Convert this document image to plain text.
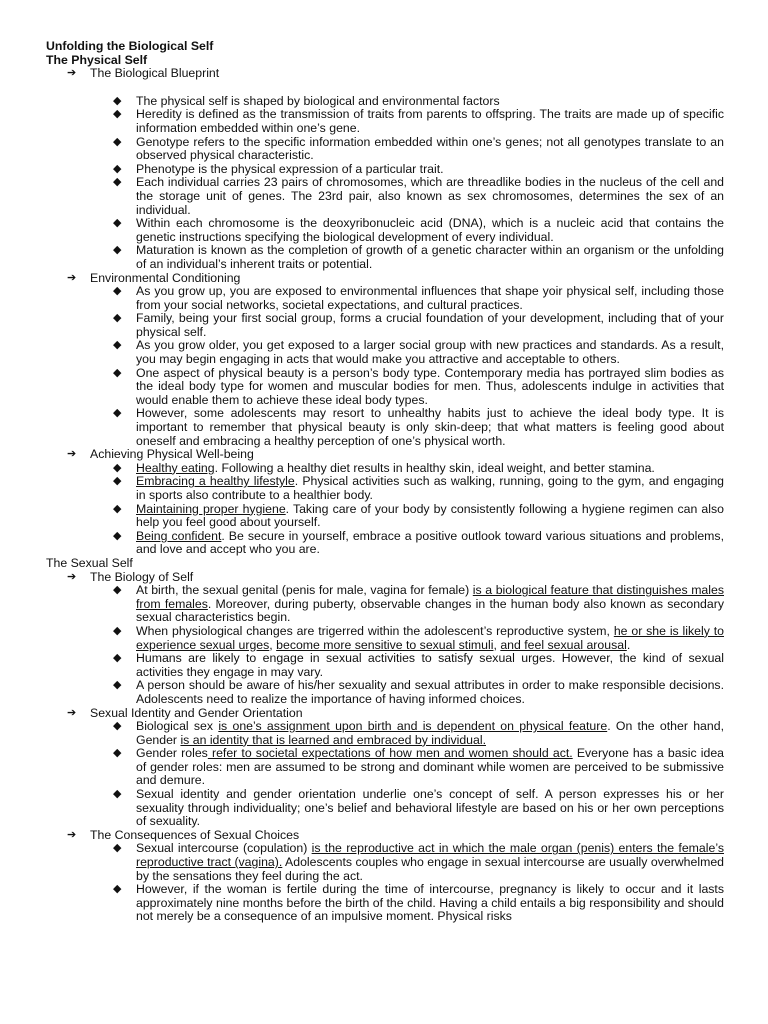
Unfolding the Biological Self
The Physical Self
➔ The Biological Blueprint
◆ The physical self is shaped by biological and environmental factors
◆ Heredity is defined as the transmission of traits from parents to offspring. The traits are made up of specific information embedded within one’s gene.
◆ Genotype refers to the specific information embedded within one’s genes; not all genotypes translate to an observed physical characteristic.
◆ Phenotype is the physical expression of a particular trait.
◆ Each individual carries 23 pairs of chromosomes, which are threadlike bodies in the nucleus of the cell and the storage unit of genes. The 23rd pair, also known as sex chromosomes, determines the sex of an individual.
◆ Within each chromosome is the deoxyribonucleic acid (DNA), which is a nucleic acid that contains the genetic instructions specifying the biological development of every individual.
◆ Maturation is known as the completion of growth of a genetic character within an organism or the unfolding of an individual’s inherent traits or potential.
➔ Environmental Conditioning
◆ As you grow up, you are exposed to environmental influences that shape yoir physical self, including those from your social networks, societal expectations, and cultural practices.
◆ Family, being your first social group, forms a crucial foundation of your development, including that of your physical self.
◆ As you grow older, you get exposed to a larger social group with new practices and standards. As a result, you may begin engaging in acts that would make you attractive and acceptable to others.
◆ One aspect of physical beauty is a person’s body type. Contemporary media has portrayed slim bodies as the ideal body type for women and muscular bodies for men. Thus, adolescents indulge in activities that would enable them to achieve these ideal body types.
◆ However, some adolescents may resort to unhealthy habits just to achieve the ideal body type. It is important to remember that physical beauty is only skin-deep; that what matters is feeling good about oneself and embracing a healthy perception of one’s physical worth.
➔ Achieving Physical Well-being
◆ Healthy eating. Following a healthy diet results in healthy skin, ideal weight, and better stamina.
◆ Embracing a healthy lifestyle. Physical activities such as walking, running, going to the gym, and engaging in sports also contribute to a healthier body.
◆ Maintaining proper hygiene. Taking care of your body by consistently following a hygiene regimen can also help you feel good about yourself.
◆ Being confident. Be secure in yourself, embrace a positive outlook toward various situations and problems, and love and accept who you are.
The Sexual Self
➔ The Biology of Self
◆ At birth, the sexual genital (penis for male, vagina for female) is a biological feature that distinguishes males from females. Moreover, during puberty, observable changes in the human body also known as secondary sexual characteristics begin.
◆ When physiological changes are trigerred within the adolescent’s reproductive system, he or she is likely to experience sexual urges, become more sensitive to sexual stimuli, and feel sexual arousal.
◆ Humans are likely to engage in sexual activities to satisfy sexual urges. However, the kind of sexual activities they engage in may vary.
◆ A person should be aware of his/her sexuality and sexual attributes in order to make responsible decisions. Adolescents need to realize the importance of having informed choices.
➔ Sexual Identity and Gender Orientation
◆ Biological sex is one’s assignment upon birth and is dependent on physical feature. On the other hand, Gender is an identity that is learned and embraced by individual.
◆ Gender roles refer to societal expectations of how men and women should act. Everyone has a basic idea of gender roles: men are assumed to be strong and dominant while women are perceived to be submissive and demure.
◆ Sexual identity and gender orientation underlie one’s concept of self. A person expresses his or her sexuality through individuality; one’s belief and behavioral lifestyle are based on his or her own perceptions of sexuality.
➔ The Consequences of Sexual Choices
◆ Sexual intercourse (copulation) is the reproductive act in which the male organ (penis) enters the female’s reproductive tract (vagina). Adolescents couples who engage in sexual intercourse are usually overwhelmed by the sensations they feel during the act.
◆ However, if the woman is fertile during the time of intercourse, pregnancy is likely to occur and it lasts approximately nine months before the birth of the child. Having a child entails a big responsibility and should not merely be a consequence of an impulsive moment. Physical risks
